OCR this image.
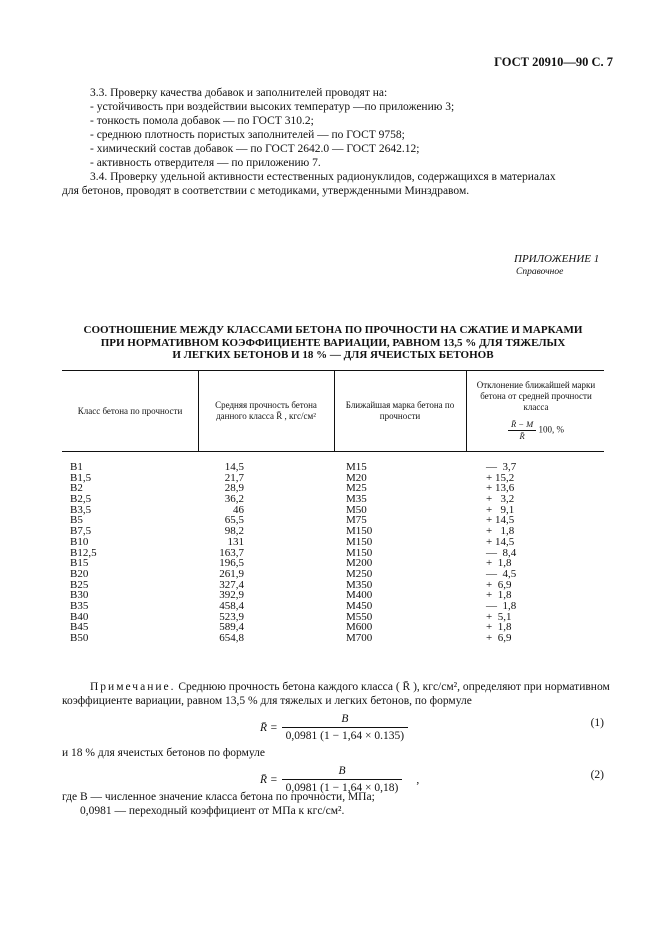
ГОСТ 20910—90 С. 7
3.3. Проверку качества добавок и заполнителей проводят на:
- устойчивость при воздействии высоких температур —по приложению 3;
- тонкость помола добавок — по ГОСТ 310.2;
- среднюю плотность пористых заполнителей — по ГОСТ 9758;
- химический состав добавок — по ГОСТ 2642.0 — ГОСТ 2642.12;
- активность отвердителя — по приложению 7.
3.4. Проверку удельной активности естественных радионуклидов, содержащихся в материалах
для бетонов, проводят в соответствии с методиками, утвержденными Минздравом.
ПРИЛОЖЕНИЕ 1
Справочное
СООТНОШЕНИЕ МЕЖДУ КЛАССАМИ БЕТОНА ПО ПРОЧНОСТИ НА СЖАТИЕ И МАРКАМИ
ПРИ НОРМАТИВНОМ КОЭФФИЦИЕНТЕ ВАРИАЦИИ, РАВНОМ 13,5 % ДЛЯ ТЯЖЕЛЫХ
И ЛЕГКИХ БЕТОНОВ И 18 % — ДЛЯ ЯЧЕИСТЫХ БЕТОНОВ
Класс бетона по прочности
Средняя прочность бетона данного класса R̄ , кгс/см²
Ближайшая марка бетона по прочности
Отклонение ближайшей марки бетона от средней прочности класса
$\frac{R̄ - M}{R̄} 100$, %
B1	14,5	M15	—  3,7
B1,5	21,7	M20	+ 15,2
B2	28,9	M25	+ 13,6
B2,5	36,2	M35	+   3,2
B3,5	46	M50	+   9,1
B5	65,5	M75	+ 14,5
B7,5	98,2	M150	+   1,8
B10	131	M150	+ 14,5
B12,5	163,7	M150	—  8,4
B15	196,5	M200	+  1,8
B20	261,9	M250	—  4,5
B25	327,4	M350	+  6,9
B30	392,9	M400	+  1,8
B35	458,4	M450	—  1,8
B40	523,9	M550	+  5,1
B45	589,4	M600	+  1,8
B50	654,8	M700	+  6,9
Примечание. Среднюю прочность бетона каждого класса ( R̄ ), кгс/см², определяют при нормативном
коэффициенте вариации, равном 13,5 % для тяжелых и легких бетонов, по формуле
R̄ = $\frac{B}{0,0981 (1 - 1,64 \times 0.135)}$	(1)
и 18 % для ячеистых бетонов по формуле
R̄ = $\frac{B}{0,0981 (1 - 1,64 \times 0,18)}$ ,	(2)
где B — численное значение класса бетона по прочности, МПа;
0,0981 — переходный коэффициент от МПа к кгс/см².
